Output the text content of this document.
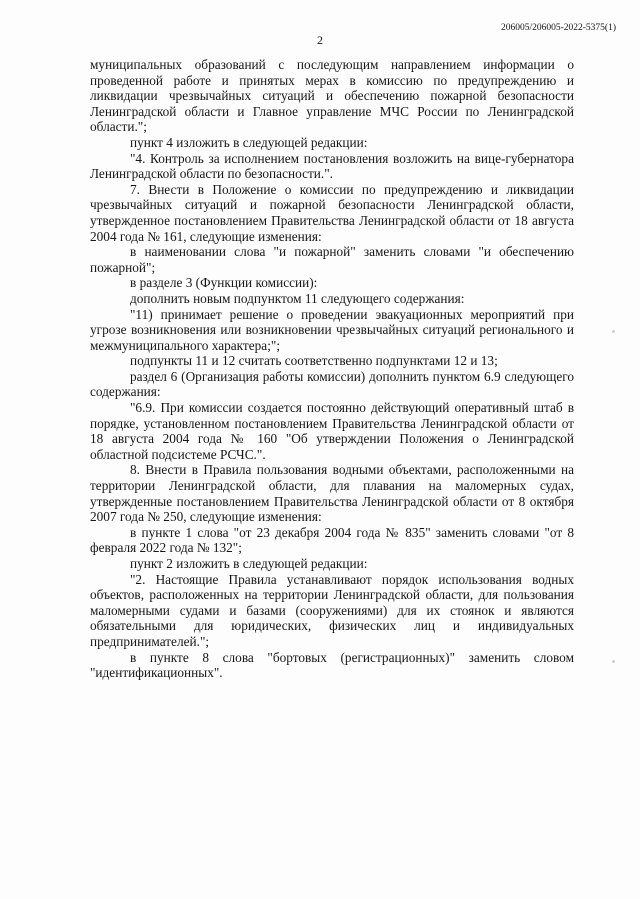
206005/206005-2022-5375(1)
2

муниципальных образований с последующим направлением информации о проведенной работе и принятых мерах в комиссию по предупреждению и ликвидации чрезвычайных ситуаций и обеспечению пожарной безопасности Ленинградской области и Главное управление МЧС России по Ленинградской области.";

пункт 4 изложить в следующей редакции:

"4. Контроль за исполнением постановления возложить на вице-губернатора Ленинградской области по безопасности.".

7. Внести в Положение о комиссии по предупреждению и ликвидации чрезвычайных ситуаций и пожарной безопасности Ленинградской области, утвержденное постановлением Правительства Ленинградской области от 18 августа 2004 года № 161, следующие изменения:

в наименовании слова "и пожарной" заменить словами "и обеспечению пожарной";

в разделе 3 (Функции комиссии):

дополнить новым подпунктом 11 следующего содержания:

"11) принимает решение о проведении эвакуационных мероприятий при угрозе возникновения или возникновении чрезвычайных ситуаций регионального и межмуниципального характера;";

подпункты 11 и 12 считать соответственно подпунктами 12 и 13;

раздел 6 (Организация работы комиссии) дополнить пунктом 6.9 следующего содержания:

"6.9. При комиссии создается постоянно действующий оперативный штаб в порядке, установленном постановлением Правительства Ленинградской области от 18 августа 2004 года № 160 "Об утверждении Положения о Ленинградской областной подсистеме РСЧС.".

8. Внести в Правила пользования водными объектами, расположенными на территории Ленинградской области, для плавания на маломерных судах, утвержденные постановлением Правительства Ленинградской области от 8 октября 2007 года № 250, следующие изменения:

в пункте 1 слова "от 23 декабря 2004 года № 835" заменить словами "от 8 февраля 2022 года № 132";

пункт 2 изложить в следующей редакции:

"2. Настоящие Правила устанавливают порядок использования водных объектов, расположенных на территории Ленинградской области, для пользования маломерными судами и базами (сооружениями) для их стоянок и являются обязательными для юридических, физических лиц и индивидуальных предпринимателей.";

в пункте 8 слова "бортовых (регистрационных)" заменить словом "идентификационных".
